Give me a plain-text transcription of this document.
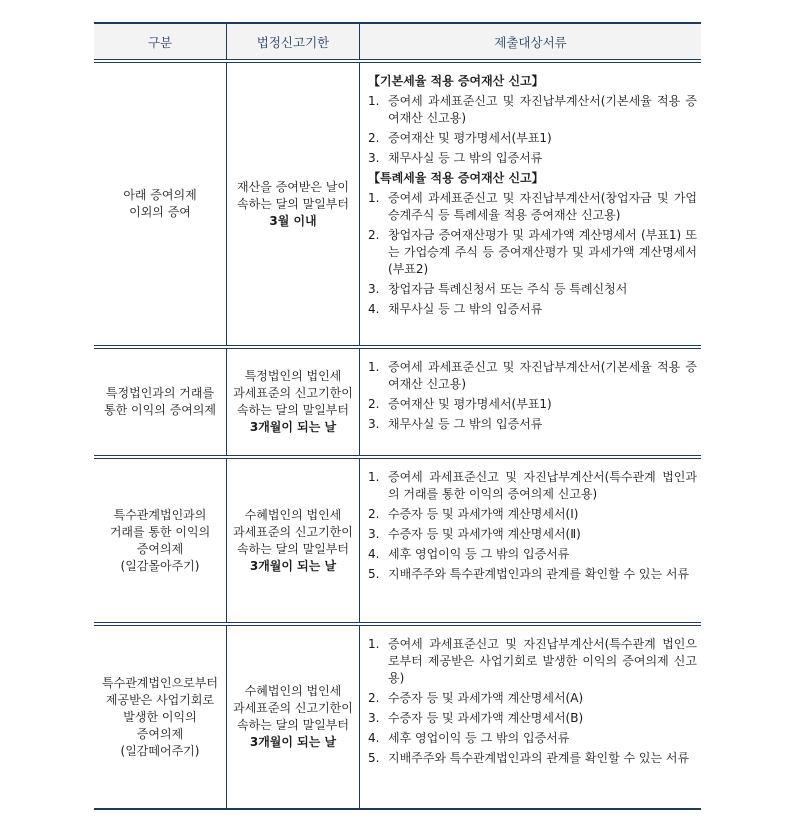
구분	법정신고기한	제출대상서류
아래 증여의제
이외의 증여
재산을 증여받은 날이
속하는 달의 말일부터
3월 이내
【기본세율 적용 증여재산 신고】
1. 증여세 과세표준신고 및 자진납부계산서(기본세율 적용 증여재산 신고용)
2. 증여재산 및 평가명세서(부표1)
3. 채무사실 등 그 밖의 입증서류
【특례세율 적용 증여재산 신고】
1. 증여세 과세표준신고 및 자진납부계산서(창업자금 및 가업승계주식 등 특례세율 적용 증여재산 신고용)
2. 창업자금 증여재산평가 및 과세가액 계산명세서 (부표1) 또는 가업승계 주식 등 증여재산평가 및 과세가액 계산명세서(부표2)
3. 창업자금 특례신청서 또는 주식 등 특례신청서
4. 채무사실 등 그 밖의 입증서류
특정법인과의 거래를
통한 이익의 증여의제
특정법인의 법인세
과세표준의 신고기한이
속하는 달의 말일부터
3개월이 되는 날
1. 증여세 과세표준신고 및 자진납부계산서(기본세율 적용 증여재산 신고용)
2. 증여재산 및 평가명세서(부표1)
3. 채무사실 등 그 밖의 입증서류
특수관계법인과의
거래를 통한 이익의
증여의제
(일감몰아주기)
수혜법인의 법인세
과세표준의 신고기한이
속하는 달의 말일부터
3개월이 되는 날
1. 증여세 과세표준신고 및 자진납부계산서(특수관계 법인과의 거래를 통한 이익의 증여의제 신고용)
2. 수증자 등 및 과세가액 계산명세서(Ⅰ)
3. 수증자 등 및 과세가액 계산명세서(Ⅱ)
4. 세후 영업이익 등 그 밖의 입증서류
5. 지배주주와 특수관계법인과의 관계를 확인할 수 있는 서류
특수관계법인으로부터
제공받은 사업기회로
발생한 이익의
증여의제
(일감떼어주기)
수혜법인의 법인세
과세표준의 신고기한이
속하는 달의 말일부터
3개월이 되는 날
1. 증여세 과세표준신고 및 자진납부계산서(특수관계 법인으로부터 제공받은 사업기회로 발생한 이익의 증여의제 신고용)
2. 수증자 등 및 과세가액 계산명세서(A)
3. 수증자 등 및 과세가액 계산명세서(B)
4. 세후 영업이익 등 그 밖의 입증서류
5. 지배주주와 특수관계법인과의 관계를 확인할 수 있는 서류
